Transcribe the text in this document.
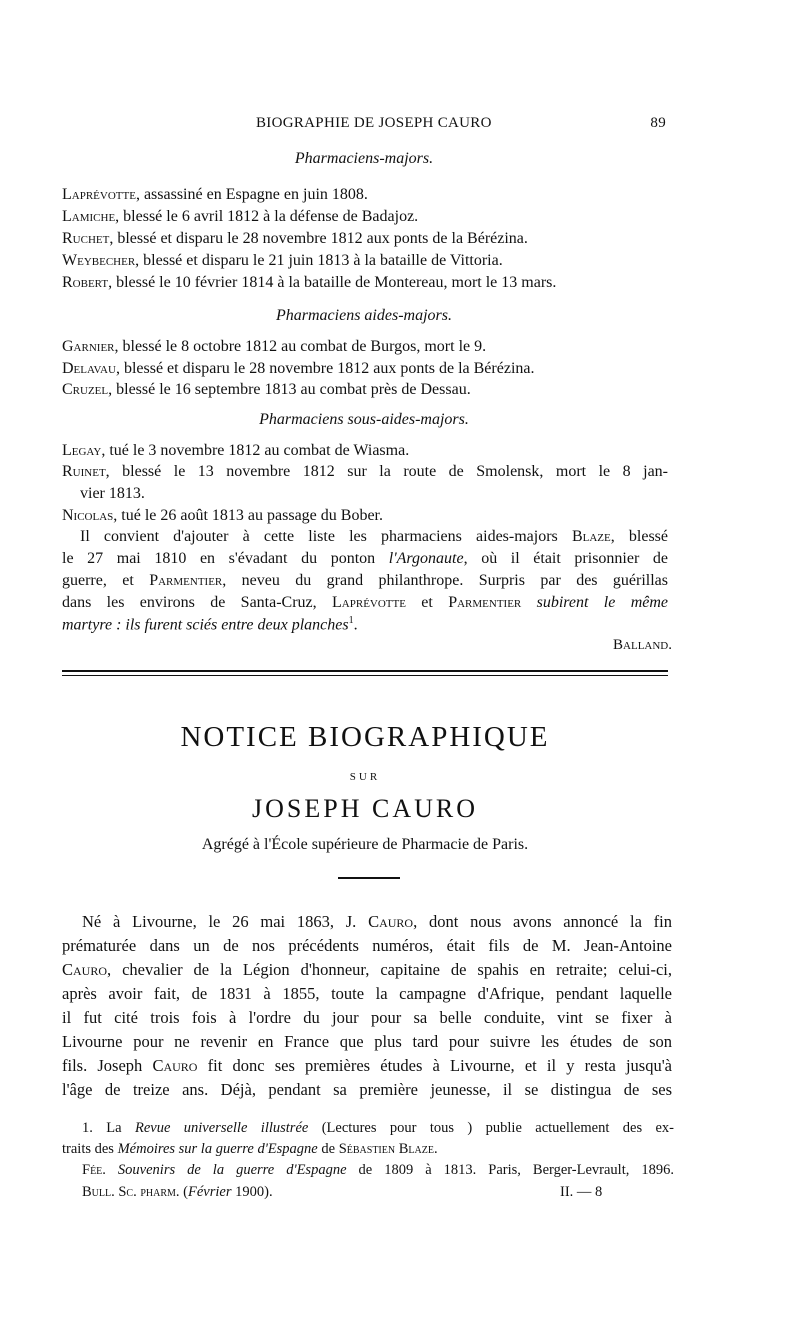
BIOGRAPHIE DE JOSEPH CAURO	89
Pharmaciens-majors.
Laprévotte, assassiné en Espagne en juin 1808.
Lamiche, blessé le 6 avril 1812 à la défense de Badajoz.
Ruchet, blessé et disparu le 28 novembre 1812 aux ponts de la Bérézina.
Weybecher, blessé et disparu le 21 juin 1813 à la bataille de Vittoria.
Robert, blessé le 10 février 1814 à la bataille de Montereau, mort le 13 mars.
Pharmaciens aides-majors.
Garnier, blessé le 8 octobre 1812 au combat de Burgos, mort le 9.
Delavau, blessé et disparu le 28 novembre 1812 aux ponts de la Bérézina.
Cruzel, blessé le 16 septembre 1813 au combat près de Dessau.
Pharmaciens sous-aides-majors.
Legay, tué le 3 novembre 1812 au combat de Wiasma.
Ruinet, blessé le 13 novembre 1812 sur la route de Smolensk, mort le 8 jan-
vier 1813.
Nicolas, tué le 26 août 1813 au passage du Bober.
Il convient d'ajouter à cette liste les pharmaciens aides-majors Blaze, blessé
le 27 mai 1810 en s'évadant du ponton l'Argonaute, où il était prisonnier de
guerre, et Parmentier, neveu du grand philanthrope. Surpris par des guérillas
dans les environs de Santa-Cruz, Laprévotte et Parmentier subirent le même
martyre : ils furent sciés entre deux planches$^1$.
Balland.
NOTICE BIOGRAPHIQUE
SUR
JOSEPH CAURO
Agrégé à l'École supérieure de Pharmacie de Paris.
Né à Livourne, le 26 mai 1863, J. Cauro, dont nous avons annoncé la fin
prématurée dans un de nos précédents numéros, était fils de M. Jean-Antoine
Cauro, chevalier de la Légion d'honneur, capitaine de spahis en retraite; celui-ci,
après avoir fait, de 1831 à 1855, toute la campagne d'Afrique, pendant laquelle
il fut cité trois fois à l'ordre du jour pour sa belle conduite, vint se fixer à
Livourne pour ne revenir en France que plus tard pour suivre les études de son
fils. Joseph Cauro fit donc ses premières études à Livourne, et il y resta jusqu'à
l'âge de treize ans. Déjà, pendant sa première jeunesse, il se distingua de ses
1. La Revue universelle illustrée (Lectures pour tous ) publie actuellement des ex-
traits des Mémoires sur la guerre d'Espagne de Sébastien Blaze.
Fée. Souvenirs de la guerre d'Espagne de 1809 à 1813. Paris, Berger-Levrault, 1896.
Bull. Sc. pharm. (Février 1900).	II. — 8
